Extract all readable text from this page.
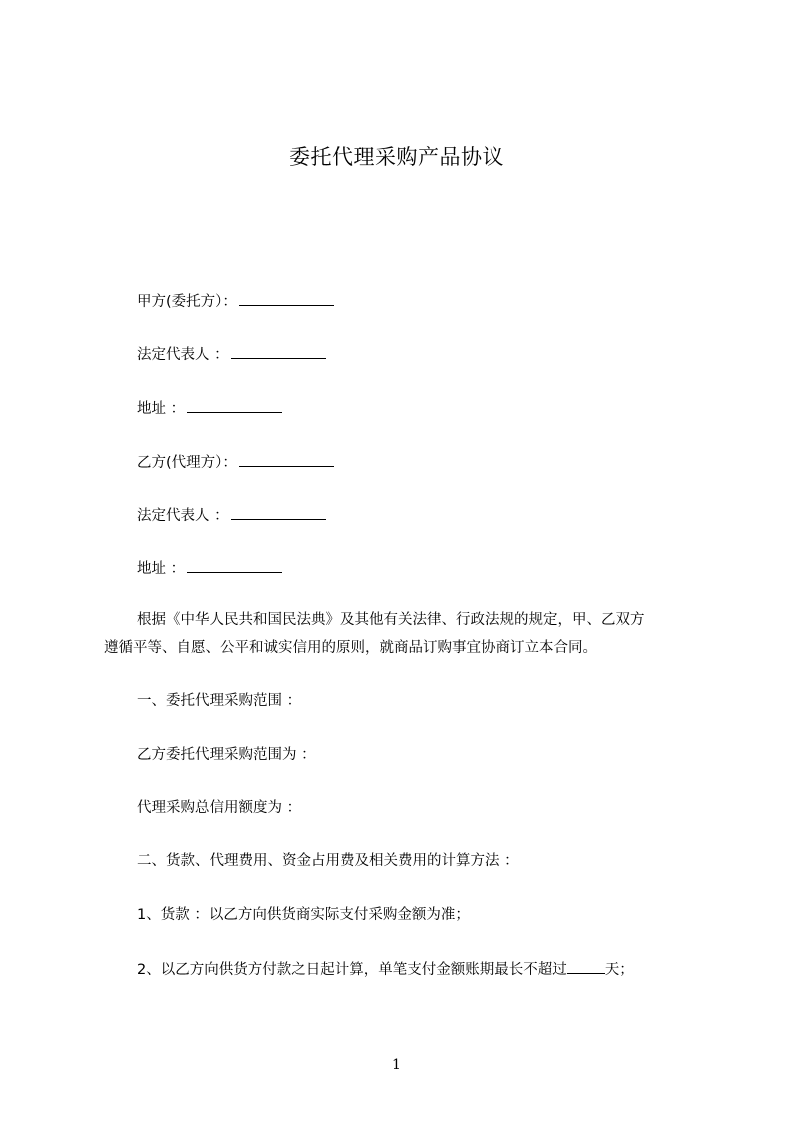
委托代理采购产品协议
甲方(委托方）：
法定代表人 ：
地址 ：
乙方(代理方）：
法定代表人 ：
地址 ：
根据《中华人民共和国民法典》及其他有关法律、行政法规的规定，甲、乙双方
遵循平等、自愿、公平和诚实信用的原则，就商品订购事宜协商订立本合同。
一、委托代理采购范围 ：
乙方委托代理采购范围为 ：
代理采购总信用额度为 ：
二、货款、代理费用、资金占用费及相关费用的计算方法 ：
1、货款 ：以乙方向供货商实际支付采购金额为准；
2、以乙方向供货方付款之日起计算，单笔支付金额账期最长不超过	天；
1
